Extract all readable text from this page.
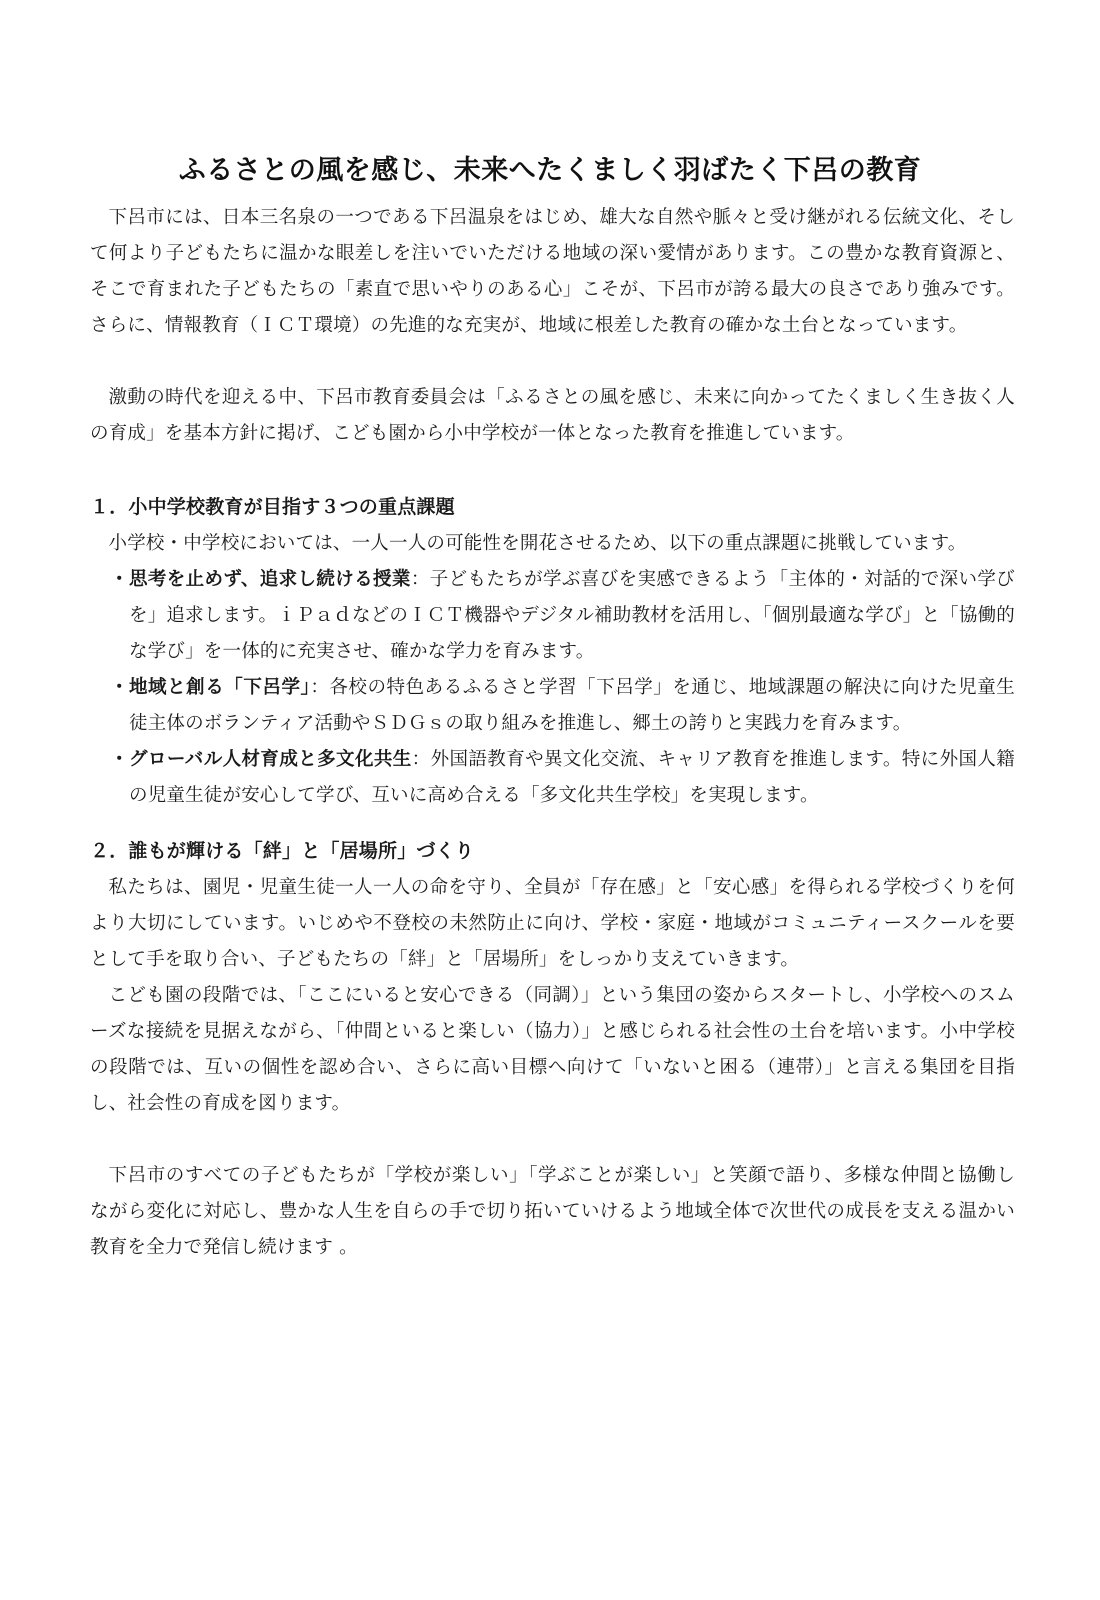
ふるさとの風を感じ、未来へたくましく羽ばたく下呂の教育

下呂市には、日本三名泉の一つである下呂温泉をはじめ、雄大な自然や脈々と受け継がれる伝統文化、そして何より子どもたちに温かな眼差しを注いでいただける地域の深い愛情があります。この豊かな教育資源と、そこで育まれた子どもたちの「素直で思いやりのある心」こそが、下呂市が誇る最大の良さであり強みです。さらに、情報教育（ＩＣＴ環境）の先進的な充実が、地域に根差した教育の確かな土台となっています。

激動の時代を迎える中、下呂市教育委員会は「ふるさとの風を感じ、未来に向かってたくましく生き抜く人の育成」を基本方針に掲げ、こども園から小中学校が一体となった教育を推進しています。

１．小中学校教育が目指す３つの重点課題

小学校・中学校においては、一人一人の可能性を開花させるため、以下の重点課題に挑戦しています。

・ 思考を止めず、追求し続ける授業：子どもたちが学ぶ喜びを実感できるよう「主体的・対話的で深い学びを」追求します。ｉＰａｄなどのＩＣＴ機器やデジタル補助教材を活用し、「個別最適な学び」と「協働的な学び」を一体的に充実させ、確かな学力を育みます。
・ 地域と創る「下呂学」：各校の特色あるふるさと学習「下呂学」を通じ、地域課題の解決に向けた児童生徒主体のボランティア活動やＳＤＧｓの取り組みを推進し、郷土の誇りと実践力を育みます。
・ グローバル人材育成と多文化共生：外国語教育や異文化交流、キャリア教育を推進します。特に外国人籍の児童生徒が安心して学び、互いに高め合える「多文化共生学校」を実現します。
２．誰もが輝ける「絆」と「居場所」づくり

私たちは、園児・児童生徒一人一人の命を守り、全員が「存在感」と「安心感」を得られる学校づくりを何より大切にしています。いじめや不登校の未然防止に向け、学校・家庭・地域がコミュニティースクールを要として手を取り合い、子どもたちの「絆」と「居場所」をしっかり支えていきます。

こども園の段階では、「ここにいると安心できる（同調）」という集団の姿からスタートし、小学校へのスムーズな接続を見据えながら、「仲間といると楽しい（協力）」と感じられる社会性の土台を培います。小中学校の段階では、互いの個性を認め合い、さらに高い目標へ向けて「いないと困る（連帯）」と言える集団を目指し、社会性の育成を図ります。

下呂市のすべての子どもたちが「学校が楽しい」「学ぶことが楽しい」と笑顔で語り、多様な仲間と協働しながら変化に対応し、豊かな人生を自らの手で切り拓いていけるよう地域全体で次世代の成長を支える温かい教育を全力で発信し続けます 。
